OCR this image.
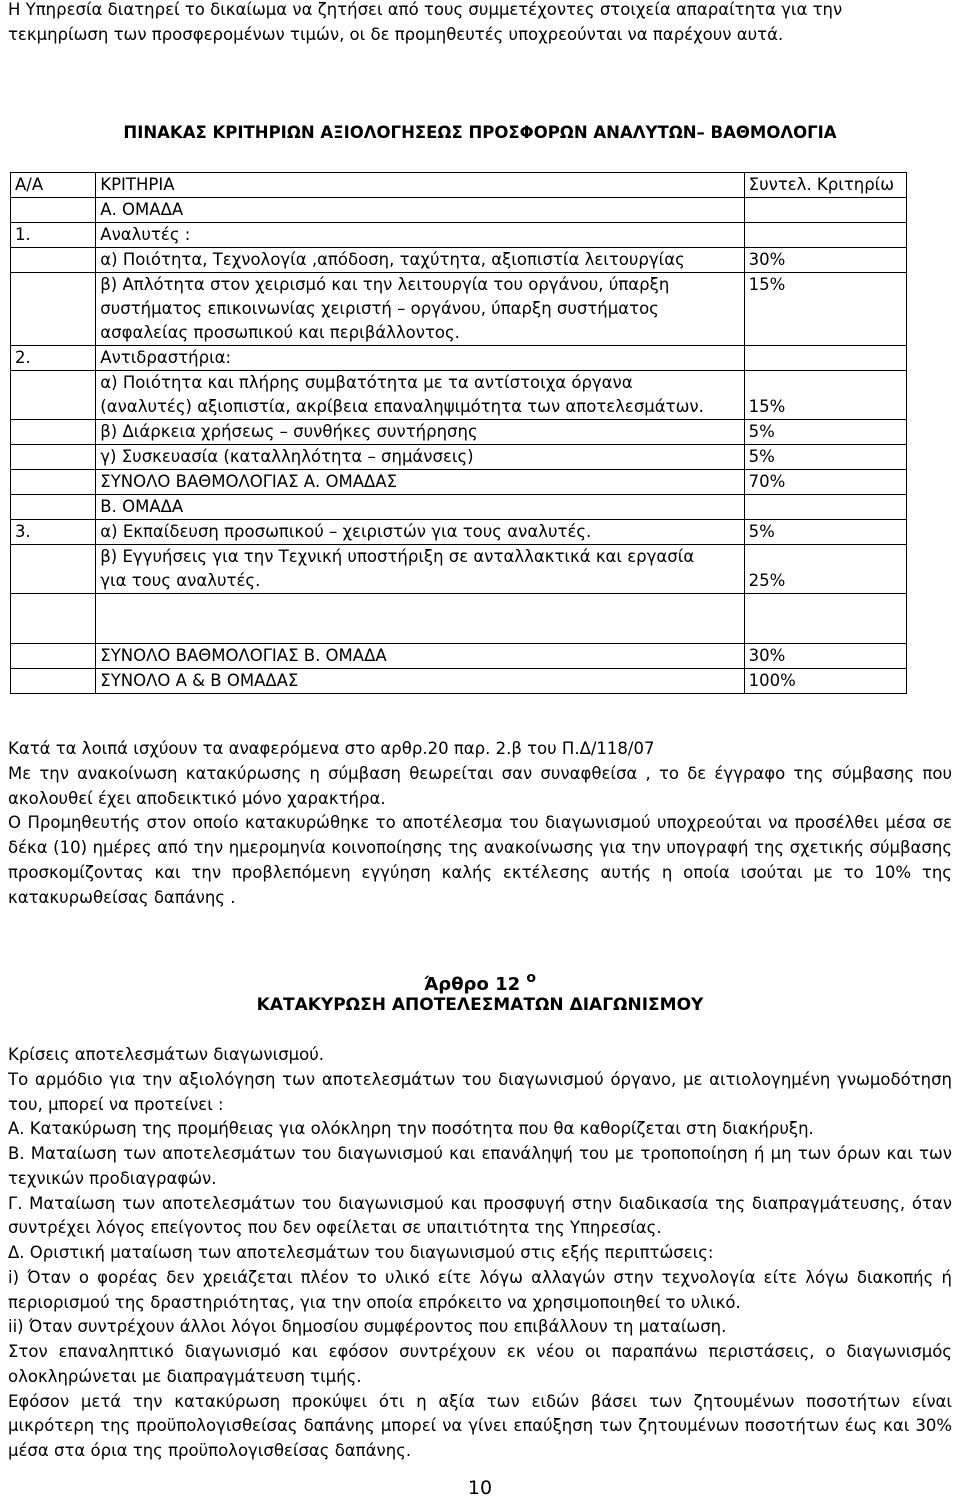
Η Υπηρεσία διατηρεί το δικαίωμα να ζητήσει από τους συμμετέχοντες στοιχεία απαραίτητα για την
τεκμηρίωση των προσφερομένων τιμών, οι δε προμηθευτές υποχρεούνται να παρέχουν αυτά.
ΠΙΝΑΚΑΣ ΚΡΙΤΗΡΙΩΝ ΑΞΙΟΛΟΓΗΣΕΩΣ ΠΡΟΣΦΟΡΩΝ ΑΝΑΛΥΤΩΝ– ΒΑΘΜΟΛΟΓΙΑ
Α/Α	ΚΡΙΤΗΡΙΑ	Συντελ. Κριτηρίω
	Α. ΟΜΑΔΑ	
1.	Αναλυτές :	
	α) Ποιότητα, Τεχνολογία ,απόδοση, ταχύτητα, αξιοπιστία λειτουργίας	30%

	β) Απλότητα στον χειρισμό και την λειτουργία του οργάνου, ύπαρξη
συστήματος επικοινωνίας χειριστή – οργάνου, ύπαρξη συστήματος
ασφαλείας προσωπικού και περιβάλλοντος.	15%
2.	Αντιδραστήρια:	

	α) Ποιότητα και πλήρης συμβατότητα με τα αντίστοιχα όργανα
(αναλυτές) αξιοπιστία, ακρίβεια επαναληψιμότητα των αποτελεσμάτων.	15%
	β) Διάρκεια χρήσεως – συνθήκες συντήρησης	5%
	γ) Συσκευασία (καταλληλότητα – σημάνσεις)	5%
	ΣΥΝΟΛΟ ΒΑΘΜΟΛΟΓΙΑΣ Α. ΟΜΑΔΑΣ	70%
	Β. ΟΜΑΔΑ	
3.	α) Εκπαίδευση προσωπικού – χειριστών για τους αναλυτές.	5%

	β) Εγγυήσεις για την Τεχνική υποστήριξη σε ανταλλακτικά και εργασία
για τους αναλυτές.	25%

	ΣΥΝΟΛΟ ΒΑΘΜΟΛΟΓΙΑΣ Β. ΟΜΑΔΑ	30%
	ΣΥΝΟΛΟ Α & Β ΟΜΑΔΑΣ	100%
Κατά τα λοιπά ισχύουν τα αναφερόμενα στο αρθρ.20 παρ. 2.β του Π.Δ/118/07
Με την ανακοίνωση κατακύρωσης η σύμβαση θεωρείται σαν συναφθείσα , το δε έγγραφο της σύμβασης που ακολουθεί έχει αποδεικτικό μόνο χαρακτήρα.
Ο Προμηθευτής στον οποίο κατακυρώθηκε το αποτέλεσμα του διαγωνισμού υποχρεούται να προσέλθει μέσα σε δέκα (10) ημέρες από την ημερομηνία κοινοποίησης της ανακοίνωσης για την υπογραφή της σχετικής σύμβασης προσκομίζοντας και την προβλεπόμενη εγγύηση καλής εκτέλεσης αυτής η οποία ισούται με το 10% της κατακυρωθείσας δαπάνης .
Άρθρο 12 $^o$
ΚΑΤΑΚΥΡΩΣΗ ΑΠΟΤΕΛΕΣΜΑΤΩΝ ΔΙΑΓΩΝΙΣΜΟΥ
Κρίσεις αποτελεσμάτων διαγωνισμού.
Το αρμόδιο για την αξιολόγηση των αποτελεσμάτων του διαγωνισμού όργανο, με αιτιολογημένη γνωμοδότηση του, μπορεί να προτείνει :
Α. Κατακύρωση της προμήθειας για ολόκληρη την ποσότητα που θα καθορίζεται στη διακήρυξη.
Β. Ματαίωση των αποτελεσμάτων του διαγωνισμού και επανάληψή του με τροποποίηση ή μη των όρων και των τεχνικών προδιαγραφών.
Γ. Ματαίωση των αποτελεσμάτων του διαγωνισμού και προσφυγή στην διαδικασία της διαπραγμάτευσης, όταν συντρέχει λόγος επείγοντος που δεν οφείλεται σε υπαιτιότητα της Υπηρεσίας.
Δ. Οριστική ματαίωση των αποτελεσμάτων του διαγωνισμού στις εξής περιπτώσεις:
i) Όταν ο φορέας δεν χρειάζεται πλέον το υλικό είτε λόγω αλλαγών στην τεχνολογία είτε λόγω διακοπής ή περιορισμού της δραστηριότητας, για την οποία επρόκειτο να χρησιμοποιηθεί το υλικό.
ii) Όταν συντρέχουν άλλοι λόγοι δημοσίου συμφέροντος που επιβάλλουν τη ματαίωση.
Στον επαναληπτικό διαγωνισμό και εφόσον συντρέχουν εκ νέου οι παραπάνω περιστάσεις, ο διαγωνισμός ολοκληρώνεται με διαπραγμάτευση τιμής.
Εφόσον μετά την κατακύρωση προκύψει ότι η αξία των ειδών βάσει των ζητουμένων ποσοτήτων είναι μικρότερη της προϋπολογισθείσας δαπάνης μπορεί να γίνει επαύξηση των ζητουμένων ποσοτήτων έως και 30% μέσα στα όρια της προϋπολογισθείσας δαπάνης.
10
